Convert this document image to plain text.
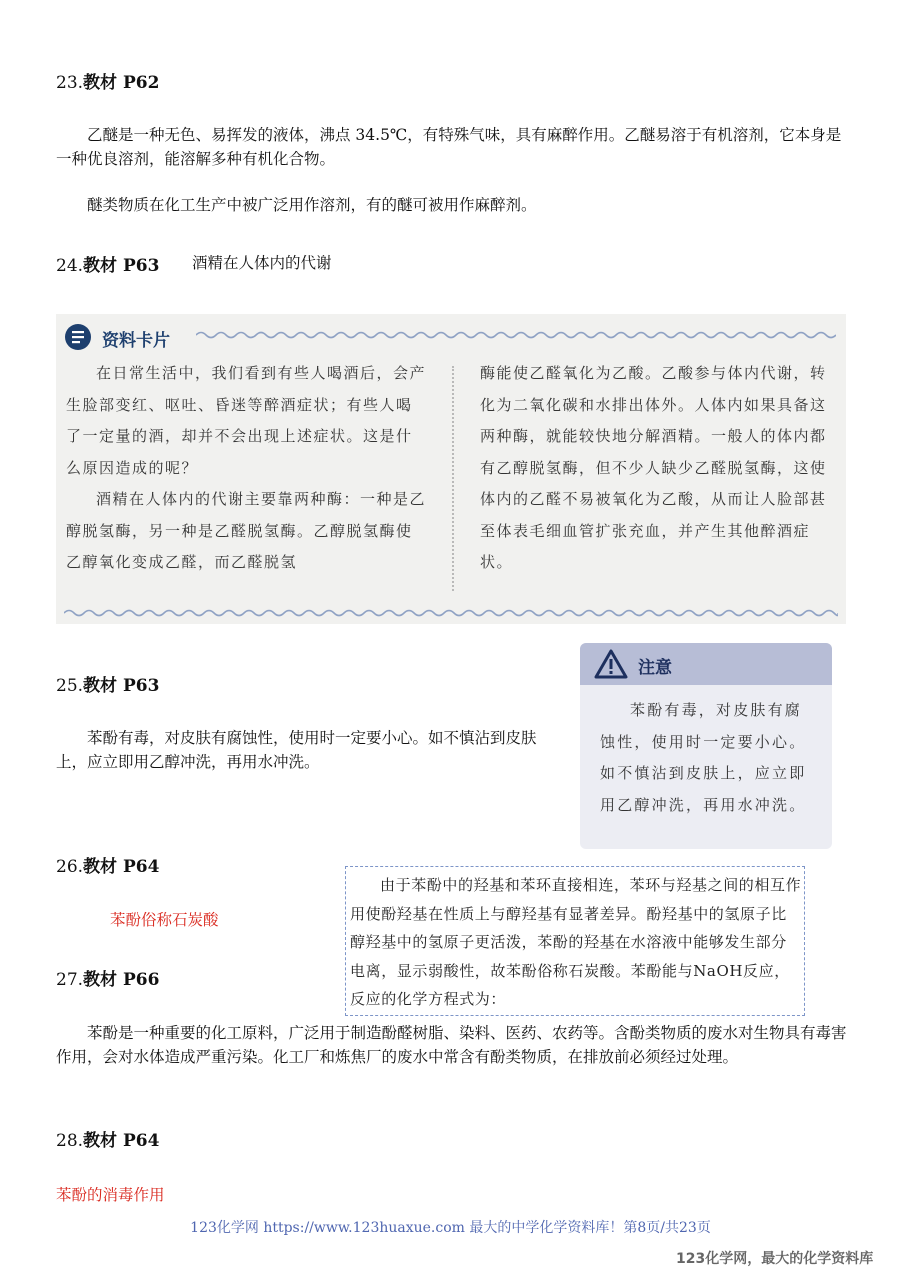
23.教材 P62
乙醚是一种无色、易挥发的液体，沸点 34.5℃，有特殊气味，具有麻醉作用。乙醚易溶于有机溶剂，它本身是一种优良溶剂，能溶解多种有机化合物。
醚类物质在化工生产中被广泛用作溶剂，有的醚可被用作麻醉剂。
24.教材 P63 酒精在人体内的代谢
资料卡片

在日常生活中，我们看到有些人喝酒后，会产生脸部变红、呕吐、昏迷等醉酒症状；有些人喝了一定量的酒，却并不会出现上述症状。这是什么原因造成的呢？

酒精在人体内的代谢主要靠两种酶：一种是乙醇脱氢酶，另一种是乙醛脱氢酶。乙醇脱氢酶使乙醇氧化变成乙醛，而乙醛脱氢

酶能使乙醛氧化为乙酸。乙酸参与体内代谢，转化为二氧化碳和水排出体外。人体内如果具备这两种酶，就能较快地分解酒精。一般人的体内都有乙醇脱氢酶，但不少人缺少乙醛脱氢酶，这使体内的乙醛不易被氧化为乙酸，从而让人脸部甚至体表毛细血管扩张充血，并产生其他醉酒症状。

25.教材 P63
苯酚有毒，对皮肤有腐蚀性，使用时一定要小心。如不慎沾到皮肤上，应立即用乙醇冲洗，再用水冲洗。
注意
苯酚有毒，对皮肤有腐蚀性，使用时一定要小心。如不慎沾到皮肤上，应立即用乙醇冲洗，再用水冲洗。
26.教材 P64
苯酚俗称石炭酸
由于苯酚中的羟基和苯环直接相连，苯环与羟基之间的相互作用使酚羟基在性质上与醇羟基有显著差异。酚羟基中的氢原子比醇羟基中的氢原子更活泼，苯酚的羟基在水溶液中能够发生部分电离，显示弱酸性，故苯酚俗称石炭酸。苯酚能与NaOH反应，反应的化学方程式为：
27.教材 P66
苯酚是一种重要的化工原料，广泛用于制造酚醛树脂、染料、医药、农药等。含酚类物质的废水对生物具有毒害作用，会对水体造成严重污染。化工厂和炼焦厂的废水中常含有酚类物质，在排放前必须经过处理。
28.教材 P64
苯酚的消毒作用
123化学网 https://www.123huaxue.com 最大的中学化学资料库！第8页/共23页
123化学网，最大的化学资料库
